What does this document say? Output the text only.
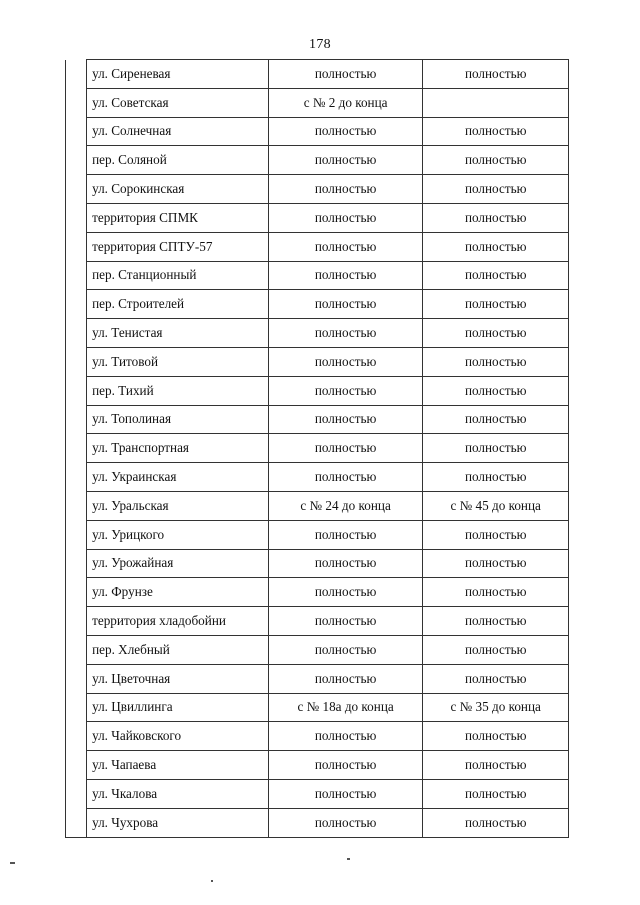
178
	ул. Сиреневая	полностью	полностью
	ул. Советская	с № 2 до конца	
	ул. Солнечная	полностью	полностью
	пер. Соляной	полностью	полностью
	ул. Сорокинская	полностью	полностью
	территория СПМК	полностью	полностью
	территория СПТУ-57	полностью	полностью
	пер. Станционный	полностью	полностью
	пер. Строителей	полностью	полностью
	ул. Тенистая	полностью	полностью
	ул. Титовой	полностью	полностью
	пер. Тихий	полностью	полностью
	ул. Тополиная	полностью	полностью
	ул. Транспортная	полностью	полностью
	ул. Украинская	полностью	полностью
	ул. Уральская	с № 24 до конца	с № 45 до конца
	ул. Урицкого	полностью	полностью
	ул. Урожайная	полностью	полностью
	ул. Фрунзе	полностью	полностью
	территория хладобойни	полностью	полностью
	пер. Хлебный	полностью	полностью
	ул. Цветочная	полностью	полностью
	ул. Цвиллинга	с № 18а до конца	с № 35 до конца
	ул. Чайковского	полностью	полностью
	ул. Чапаева	полностью	полностью
	ул. Чкалова	полностью	полностью
	ул. Чухрова	полностью	полностью
